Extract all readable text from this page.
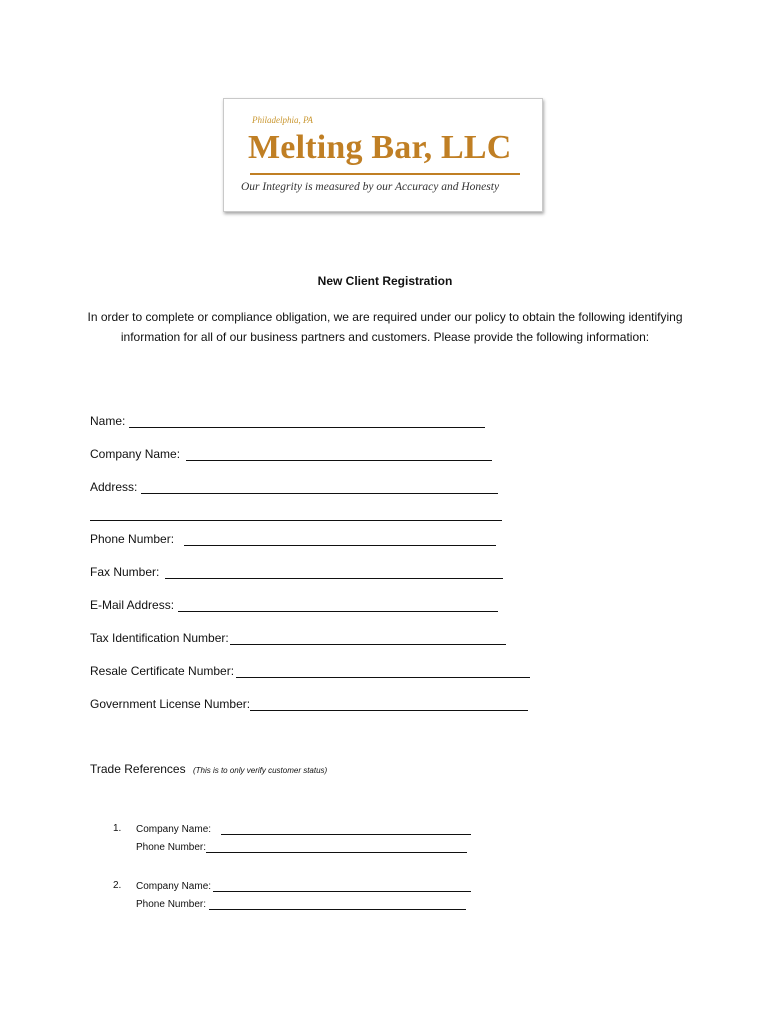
Philadelphia, PA
Melting Bar, LLC
Our Integrity is measured by our Accuracy and Honesty
New Client Registration
In order to complete or compliance obligation, we are required under our policy to obtain the following identifying information for all of our business partners and customers. Please provide the following information:
Name:
Company Name:
Address:
Phone Number:
Fax Number:
E-Mail Address:
Tax Identification Number:
Resale Certificate Number:
Government License Number:
Trade References (This is to only verify customer status)
1. Company Name:
Phone Number:
2. Company Name:
Phone Number:
